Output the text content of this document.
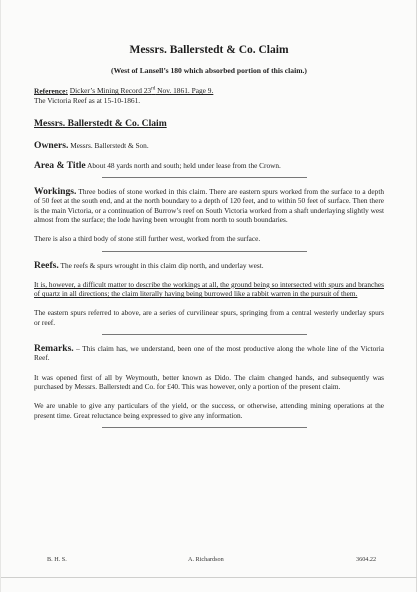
Messrs. Ballerstedt & Co. Claim
(West of Lansell’s 180 which absorbed portion of this claim.)
Reference: Dicker’s Mining Record 23rd Nov. 1861. Page 9.
The Victoria Reef as at 15-10-1861.
Messrs. Ballerstedt & Co. Claim
Owners. Messrs. Ballerstedt & Son.
Area & Title About 48 yards north and south; held under lease from the Crown.
Workings. Three bodies of stone worked in this claim. There are eastern spurs worked from the surface to a depth of 50 feet at the south end, and at the north boundary to a depth of 120 feet, and to within 50 feet of surface. Then there is the main Victoria, or a continuation of Burrow’s reef on South Victoria worked from a shaft underlaying slightly west almost from the surface; the lode having been wrought from north to south boundaries.
There is also a third body of stone still further west, worked from the surface.
Reefs. The reefs & spurs wrought in this claim dip north, and underlay west.
It is, however, a difficult matter to describe the workings at all, the ground being so intersected with spurs and branches of quartz in all directions; the claim literally having being burrowed like a rabbit warren in the pursuit of them.
The eastern spurs referred to above, are a series of curvilinear spurs, springing from a central westerly underlay spurs or reef.
Remarks. – This claim has, we understand, been one of the most productive along the whole line of the Victoria Reef.
It was opened first of all by Weymouth, better known as Dido. The claim changed hands, and subsequently was purchased by Messrs. Ballerstedt and Co. for £40. This was however, only a portion of the present claim.
We are unable to give any particulars of the yield, or the success, or otherwise, attending mining operations at the present time. Great reluctance being expressed to give any information.
B. H. S.	A. Richardson	3604.22
